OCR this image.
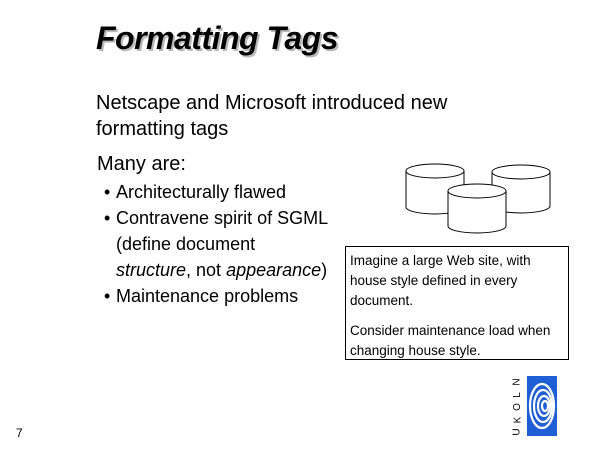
Formatting Tags
Netscape and Microsoft introduced new formatting tags
Many are:
• Architecturally flawed
• Contravene spirit of SGML (define document structure, not appearance)
• Maintenance problems

Imagine a large Web site, with house style defined in every document.

Consider maintenance load when changing house style.

7
N
L
O
K
U
